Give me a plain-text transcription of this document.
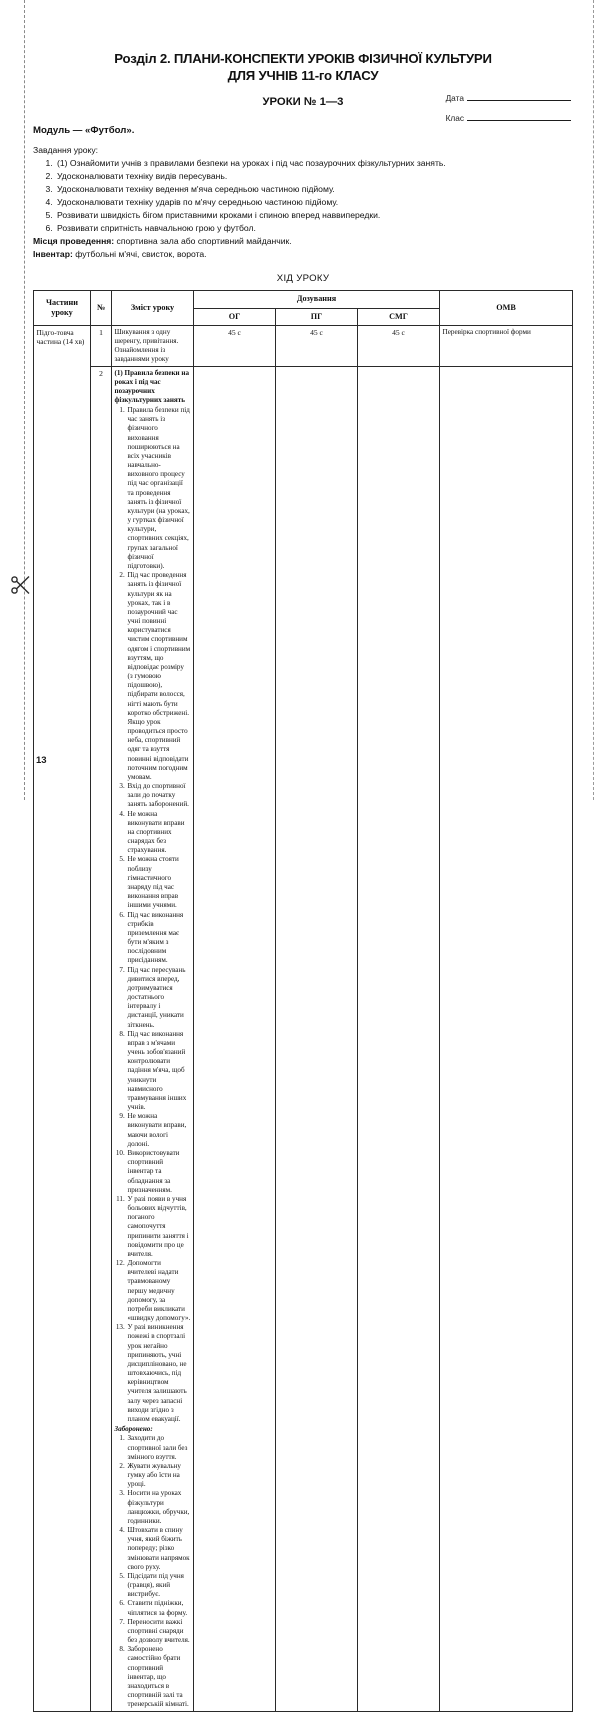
13
Розділ 2. ПЛАНИ-КОНСПЕКТИ УРОКІВ ФІЗИЧНОЇ КУЛЬТУРИ
ДЛЯ УЧНІВ 11-го КЛАСУ
УРОКИ № 1—3	Дата
Клас
Модуль — «Футбол».
Завдання уроку:
1. (1) Ознайомити учнів з правилами безпеки на уроках і під час позаурочних фізкультурних занять.
2. Удосконалювати техніку видів пересувань.
3. Удосконалювати техніку ведення м'яча середньою частиною підйому.
4. Удосконалювати техніку ударів по м'ячу середньою частиною підйому.
5. Розвивати швидкість бігом приставними кроками і спиною вперед наввипередки.
6. Розвивати спритність навчальною грою у футбол.
Місця проведення: спортивна зала або спортивний майданчик.
Інвентар: футбольні м'ячі, свисток, ворота.
ХІД УРОКУ
Частини уроку	№	Зміст уроку	Дозування			ОМВ
			ОГ	ПГ	СМГ	
Підго-товча частина (14 хв)	1	Шикування з одну шеренгу, привітання. Ознайомлення із завданнями уроку	45 с	45 с	45 с	Перевірка спортивної форми
2	(1) Правила безпеки на роках і під час позаурочних фізкультурних занять

1. Правила безпеки під час занять із фізичного виховання поширюються на всіх учасників навчально-виховного процесу під час організації та проведення занять із фізичної культури (на уроках, у гуртках фізичної культури, спортивних секціях, групах загальної фізичної підготовки).
2. Під час проведення занять із фізичної культури як на уроках, так і в позаурочний час учні повинні користуватися чистим спортивним одягом і спортивним взуттям, що відповідає розміру (з гумовою підошвою), підбирати волосся, нігті мають бути коротко обстрижені. Якщо урок проводиться просто неба, спортивний одяг та взуття повинні відповідати поточним погодним умовам.
3. Вхід до спортивної зали до початку занять заборонений.
4. Не можна виконувати вправи на спортивних снарядах без страхування.
5. Не можна стояти поблизу гімнастичного знаряду під час виконання вправ іншими учнями.
6. Під час виконання стрибків приземлення має бути м'яким з послідовним присіданням.
7. Під час пересувань дивитися вперед, дотримуватися достатнього інтервалу і дистанції, уникати зіткнень.
8. Під час виконання вправ з м'ячами учень зобов'язаний контролювати падіння м'яча, щоб уникнути навмисного травмування інших учнів.
9. Не можна виконувати вправи, маючи вологі долоні.
10. Використовувати спортивний інвентар та обладнання за призначенням.
11. У разі появи в учня больових відчуттів, поганого самопочуття припинити заняття і повідомити про це вчителя.
12. Допомогти вчителеві надати травмованому першу медичну допомогу, за потреби викликати «швидку допомогу».
13. У разі виникнення пожежі в спортзалі урок негайно припиняють, учні дисципліновано, не штовхаючись, під керівництвом учителя залишають залу через запасні виходи згідно з планом евакуації.

Заборонено:

1. Заходити до спортивної зали без змінного взуття.
2. Жувати жувальну гумку або їсти на уроці.
3. Носити на уроках фізкультури ланцюжки, обручки, годинники.
4. Штовхати в спину учня, який біжить попереду; різко змінювати напрямок свого руху.
5. Підсідати під учня (гравця), який вистрибує.
6. Ставити підніжки, чіплятися за форму.
7. Переносити важкі спортивні снаряди без дозволу вчителя.
8. Заборонено самостійно брати спортивний інвентар, що знаходиться в спортивній залі та тренерській кімнаті.
